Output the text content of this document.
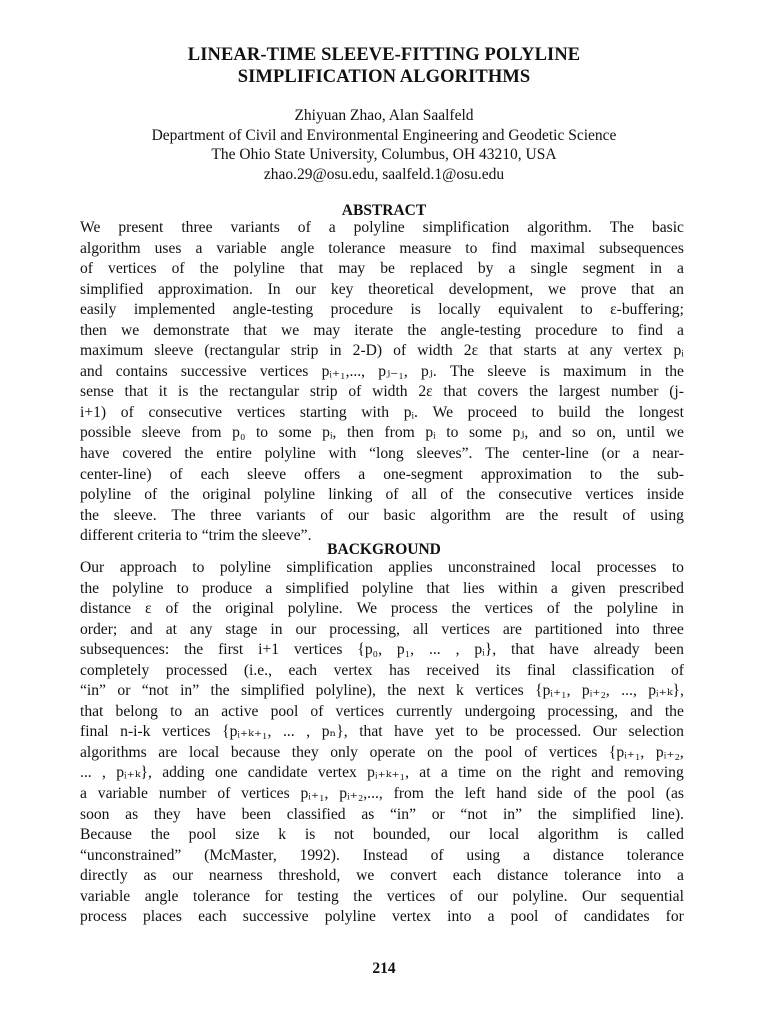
LINEAR-TIME SLEEVE-FITTING POLYLINE
SIMPLIFICATION ALGORITHMS
Zhiyuan Zhao, Alan Saalfeld
Department of Civil and Environmental Engineering and Geodetic Science
The Ohio State University, Columbus, OH 43210, USA
zhao.29@osu.edu, saalfeld.1@osu.edu
ABSTRACT
We present three variants of a polyline simplification algorithm. The basic
algorithm uses a variable angle tolerance measure to find maximal subsequences
of vertices of the polyline that may be replaced by a single segment in a
simplified approximation. In our key theoretical development, we prove that an
easily implemented angle-testing procedure is locally equivalent to ε-buffering;
then we demonstrate that we may iterate the angle-testing procedure to find a
maximum sleeve (rectangular strip in 2-D) of width 2ε that starts at any vertex pᵢ
and contains successive vertices pᵢ₊₁,..., pⱼ₋₁, pⱼ. The sleeve is maximum in the
sense that it is the rectangular strip of width 2ε that covers the largest number (j-
i+1) of consecutive vertices starting with pᵢ. We proceed to build the longest
possible sleeve from p₀ to some pᵢ, then from pᵢ to some pⱼ, and so on, until we
have covered the entire polyline with “long sleeves”. The center-line (or a near-
center-line) of each sleeve offers a one-segment approximation to the sub-
polyline of the original polyline linking of all of the consecutive vertices inside
the sleeve. The three variants of our basic algorithm are the result of using
different criteria to “trim the sleeve”.
BACKGROUND
Our approach to polyline simplification applies unconstrained local processes to
the polyline to produce a simplified polyline that lies within a given prescribed
distance ε of the original polyline. We process the vertices of the polyline in
order; and at any stage in our processing, all vertices are partitioned into three
subsequences: the first i+1 vertices {p₀, p₁, ... , pᵢ}, that have already been
completely processed (i.e., each vertex has received its final classification of
“in” or “not in” the simplified polyline), the next k vertices {pᵢ₊₁, pᵢ₊₂, ..., pᵢ₊ₖ},
that belong to an active pool of vertices currently undergoing processing, and the
final n-i-k vertices {pᵢ₊ₖ₊₁, ... , pₙ}, that have yet to be processed. Our selection
algorithms are local because they only operate on the pool of vertices {pᵢ₊₁, pᵢ₊₂,
... , pᵢ₊ₖ}, adding one candidate vertex pᵢ₊ₖ₊₁, at a time on the right and removing
a variable number of vertices pᵢ₊₁, pᵢ₊₂,..., from the left hand side of the pool (as
soon as they have been classified as “in” or “not in” the simplified line).
Because the pool size k is not bounded, our local algorithm is called
“unconstrained” (McMaster, 1992). Instead of using a distance tolerance
directly as our nearness threshold, we convert each distance tolerance into a
variable angle tolerance for testing the vertices of our polyline. Our sequential
process places each successive polyline vertex into a pool of candidates for
214
